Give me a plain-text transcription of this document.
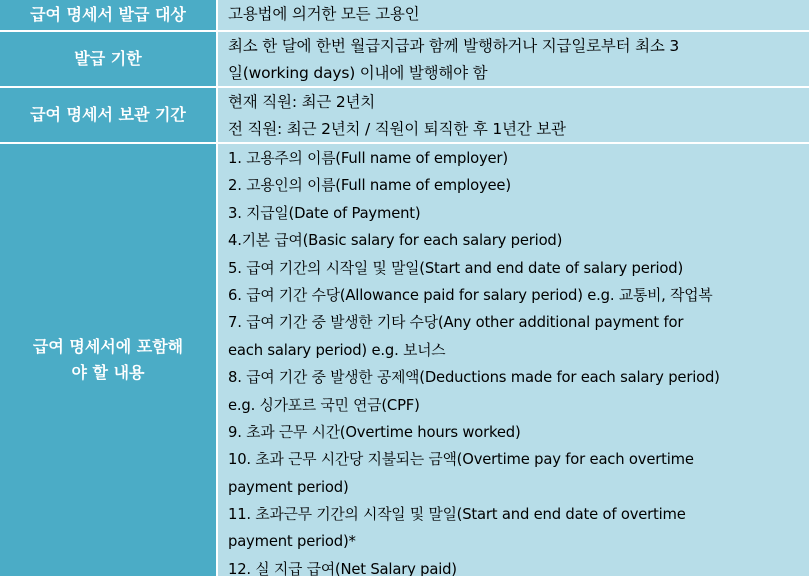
급여 명세서 발급 대상	고용법에 의거한 모든 고용인
발급 기한
최소 한 달에 한번 월급지급과 함께 발행하거나 지급일로부터 최소 3
일(working days) 이내에 발행해야 함
급여 명세서 보관 기간
현재 직원: 최근 2년치
전 직원: 최근 2년치 / 직원이 퇴직한 후 1년간 보관
급여 명세서에 포함해
야 할 내용
1. 고용주의 이름(Full name of employer)
2. 고용인의 이름(Full name of employee)
3. 지급일(Date of Payment)
4.기본 급여(Basic salary for each salary period)
5. 급여 기간의 시작일 및 말일(Start and end date of salary period)
6. 급여 기간 수당(Allowance paid for salary period) e.g. 교통비, 작업복
7. 급여 기간 중 발생한 기타 수당(Any other additional payment for
each salary period) e.g. 보너스
8. 급여 기간 중 발생한 공제액(Deductions made for each salary period)
e.g. 싱가포르 국민 연금(CPF)
9. 초과 근무 시간(Overtime hours worked)
10. 초과 근무 시간당 지불되는 금액(Overtime pay for each overtime
payment period)
11. 초과근무 기간의 시작일 및 말일(Start and end date of overtime
payment period)*
12. 실 지급 급여(Net Salary paid)
